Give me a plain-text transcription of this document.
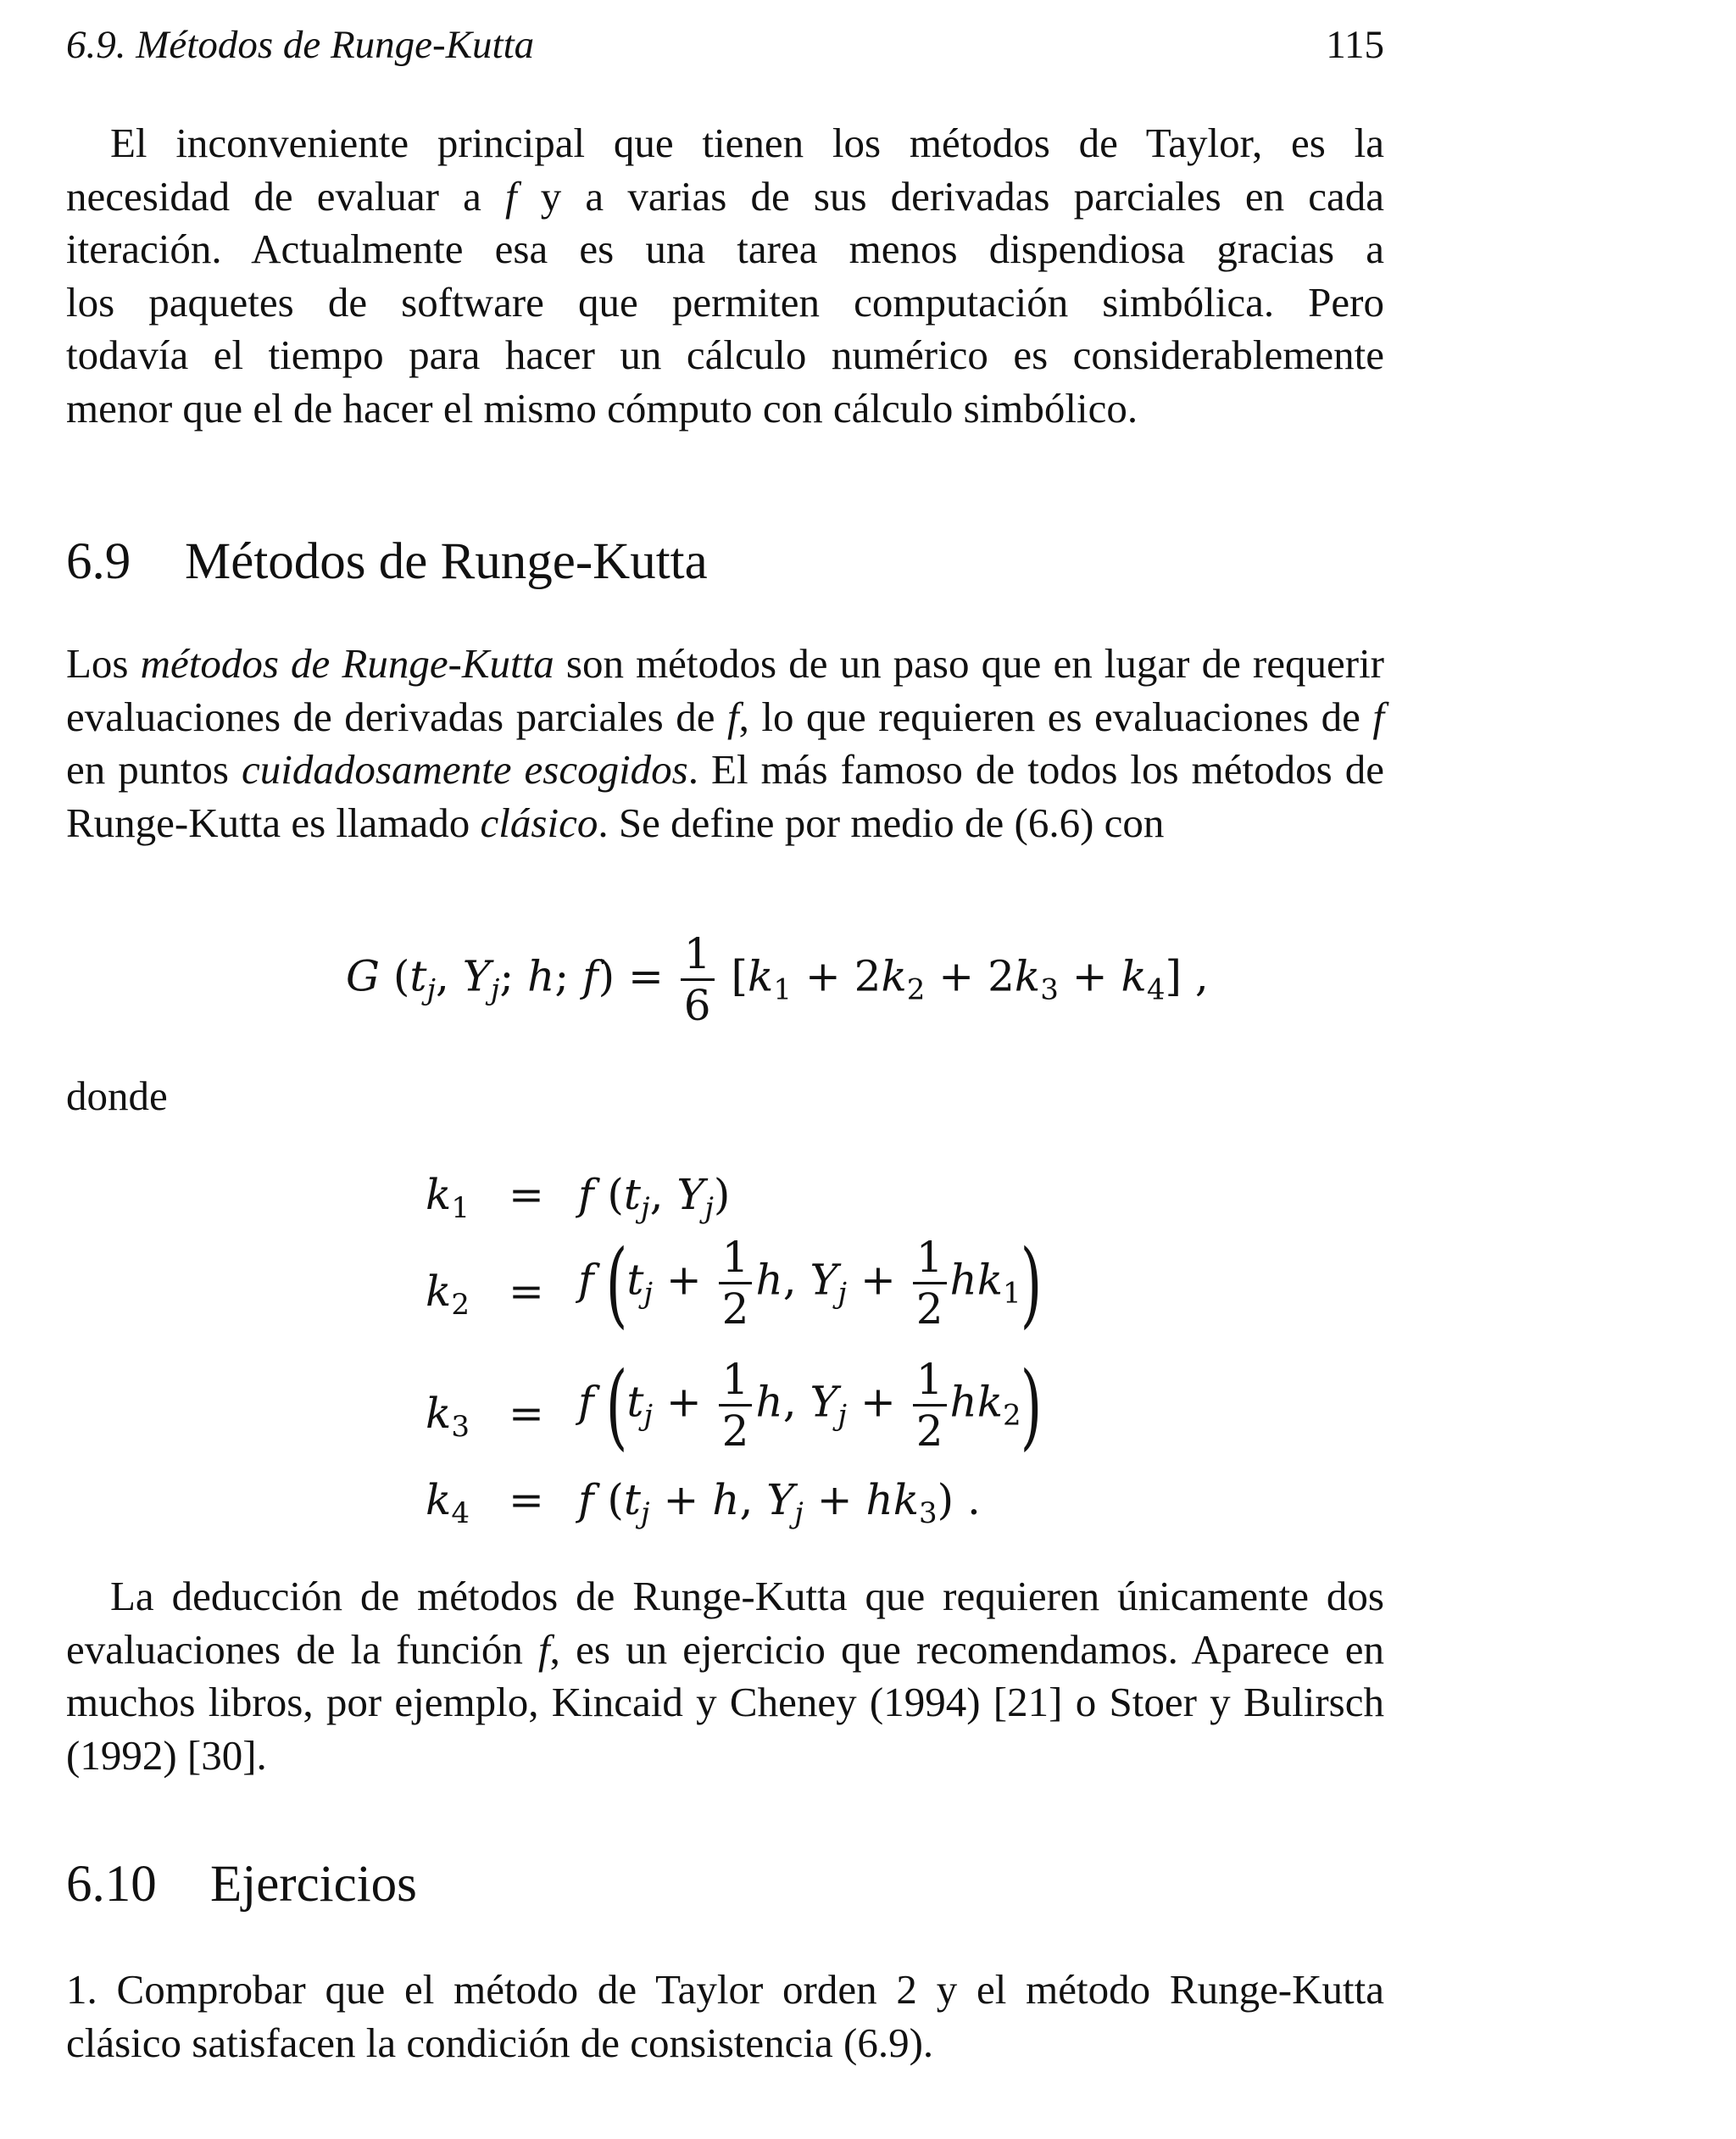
6.9. Métodos de Runge-Kutta	115

El inconveniente principal que tienen los métodos de Taylor, es la
necesidad de evaluar a f y a varias de sus derivadas parciales en cada
iteración. Actualmente esa es una tarea menos dispendiosa gracias a
los paquetes de software que permiten computación simbólica. Pero
todavía el tiempo para hacer un cálculo numérico es considerablemente
menor que el de hacer el mismo cómputo con cálculo simbólico.

6.9 Métodos de Runge-Kutta

Los métodos de Runge-Kutta son métodos de un paso que en lugar de requerir evaluaciones de derivadas parciales de f, lo que requieren es evaluaciones de f en puntos cuidadosamente escogidos. El más famoso de todos los métodos de Runge-Kutta es llamado clásico. Se define por medio de (6.6) con

G ($t_j$, $Y_j$; h; $f) = \frac{1}{6} [k_1 + 2k_2 + 2k_3 + k_4]$ ,

donde

$k_1 = f$ ($t_j$, $Y_j$)
$k_2 = f$ ($t_j + \frac{1}{2} h$, $Y_j + \frac{1}{2} hk_1$)
$k_3 = f$ ($t_j + \frac{1}{2} h$, $Y_j + \frac{1}{2} hk_2$)
$k_4 = f$ ($t_j + h$, $Y_j + hk_3$) .

La deducción de métodos de Runge-Kutta que requieren únicamente dos evaluaciones de la función f, es un ejercicio que recomendamos. Aparece en muchos libros, por ejemplo, Kincaid y Cheney (1994) [21] o Stoer y Bulirsch (1992) [30].

6.10 Ejercicios

1. Comprobar que el método de Taylor orden 2 y el método Runge-Kutta clásico satisfacen la condición de consistencia (6.9).
